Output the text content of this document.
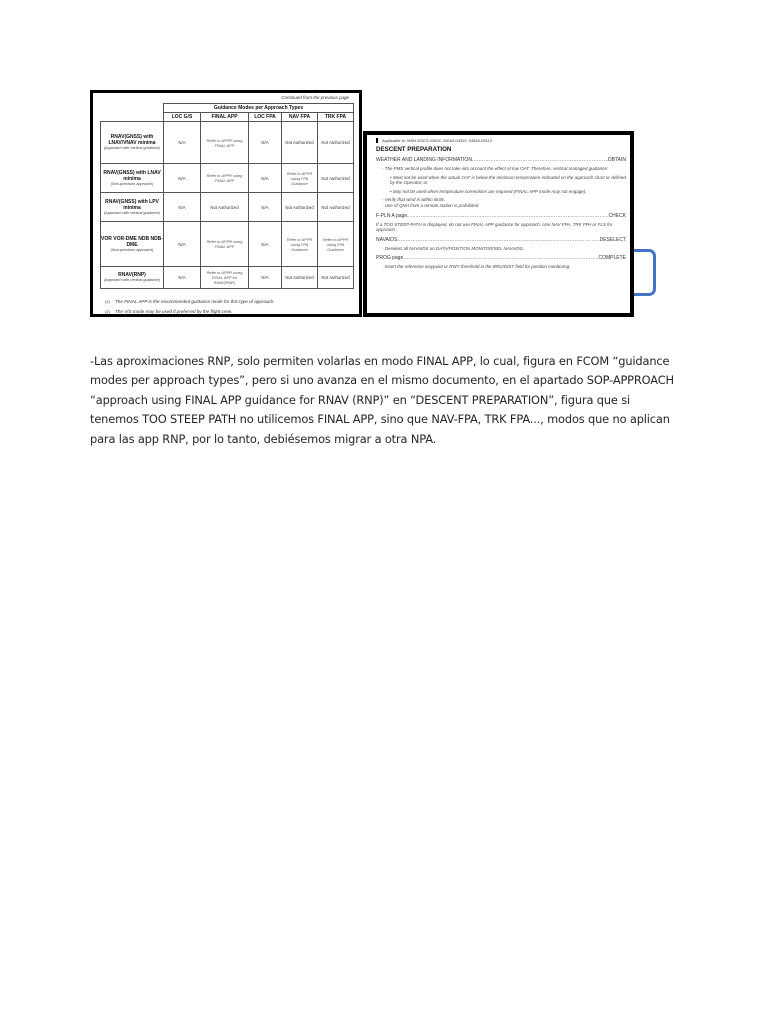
Continued from the previous page
	Guidance Modes per Approach Types				
	LOC G/S	FINAL APP	LOC FPA	NAV FPA	TRK FPA
RNAV(GNSS) with LNAV/VNAV minima
(Approach with vertical guidance)	N/A	Refer to APPR using FINAL APP	N/A	Not Authorized	Not Authorized
RNAV(GNSS) with LNAV minima
(Non-precision approach)	N/A	Refer to APPR using FINAL APP	N/A	Refer to APPR using FPA Guidance	Not Authorized
RNAV(GNSS) with LPV minima
(Approach with vertical guidance)	N/A	Not Authorized	N/A	Not Authorized	Not Authorized
VOR VOR-DME NDB NDB-DME
(Non-precision approach)	N/A	Refer to APPR using FINAL APP	N/A	Refer to APPR using FPA Guidance	Refer to APPR using FPA Guidance
RNAV(RNP)
(Approach with vertical guidance)	N/A	Refer to APPR using FINAL APP for RNAV(RNP)	N/A	Not Authorized	Not Authorized
(1) The FINAL APP is the recommended guidance mode for this type of approach.
(2) The V/S mode may be used if preferred by the flight crew.
Applicable to: MSN 02573-02694, 03063-04319, 04540-05112
DESCENT PREPARATION
WEATHER AND LANDING INFORMATION .....	OBTAIN
- The FMS vertical profile does not take into account the effect of low OAT. Therefore, vertical managed guidance:
• Must not be used when the actual OAT is below the minimum temperature indicated on the approach chart or defined by the Operator, or
• May not be used when temperature corrections are required (FINAL APP mode may not engage).
- Verify that wind is within limits.
- Use of QNH from a remote station is prohibited.
F-PLN A page .....	CHECK
If a TOO STEEP PATH is displayed, do not use FINAL APP guidance for approach. Use NAV FPA, TRK FPA or FLS for approach.
NAVAIDS .....	DESELECT
- Deselect all NAVAIDS on DATA/POSITION MONITOR/SEL NAVAIDS.
PROG page .....	COMPLETE
- Insert the reference waypoint or RWY threshold in the BRG/DIST field for position monitoring.

-Las aproximaciones RNP, solo permiten volarlas en modo FINAL APP, lo cual, figura en FCOM “guidance
modes per approach types”, pero si uno avanza en el mismo documento, en el apartado SOP-APPROACH
“approach using FINAL APP guidance for RNAV (RNP)” en “DESCENT PREPARATION”, figura que si
tenemos TOO STEEP PATH no utilicemos FINAL APP, sino que NAV-FPA, TRK FPA..., modos que no aplican
para las app RNP, por lo tanto, debiésemos migrar a otra NPA.
